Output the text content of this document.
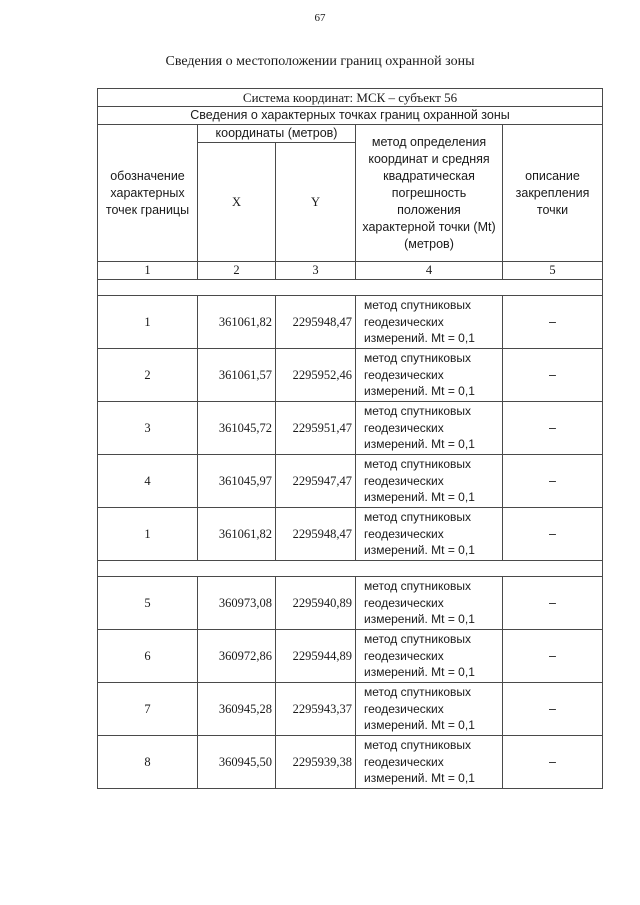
67
Сведения о местоположении границ охранной зоны
Система координат: МСК – субъект 56				
Сведения о характерных точках границ охранной зоны				
обозначение характерных точек границы	координаты (метров)		метод определения координат и средняя квадратическая погрешность положения характерной точки (Mt) (метров)	описание закрепления точки
	X	Y		
1	2	3	4	5

1	361061,82	2295948,47	метод спутниковых геодезических измерений. Mt = 0,1	–
2	361061,57	2295952,46	метод спутниковых геодезических измерений. Mt = 0,1	–
3	361045,72	2295951,47	метод спутниковых геодезических измерений. Mt = 0,1	–
4	361045,97	2295947,47	метод спутниковых геодезических измерений. Mt = 0,1	–
1	361061,82	2295948,47	метод спутниковых геодезических измерений. Mt = 0,1	–

5	360973,08	2295940,89	метод спутниковых геодезических измерений. Mt = 0,1	–
6	360972,86	2295944,89	метод спутниковых геодезических измерений. Mt = 0,1	–
7	360945,28	2295943,37	метод спутниковых геодезических измерений. Mt = 0,1	–
8	360945,50	2295939,38	метод спутниковых геодезических измерений. Mt = 0,1	–
